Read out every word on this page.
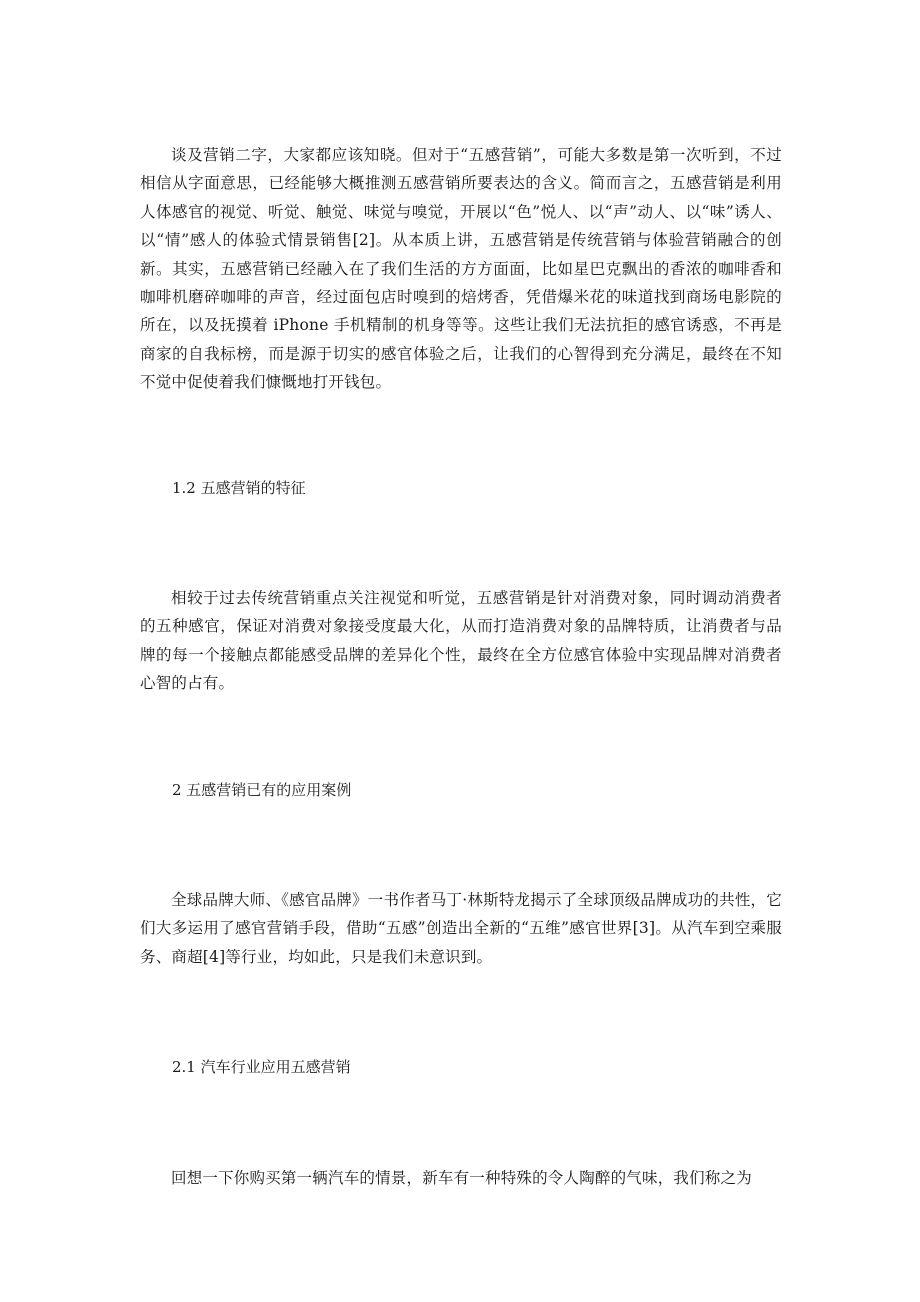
谈及营销二字，大家都应该知晓。但对于“五感营销”，可能大多数是第一次听到，不过相信从字面意思，已经能够大概推测五感营销所要表达的含义。简而言之，五感营销是利用人体感官的视觉、听觉、触觉、味觉与嗅觉，开展以“色”悦人、以“声”动人、以“味”诱人、以“情”感人的体验式情景销售[2]。从本质上讲，五感营销是传统营销与体验营销融合的创新。其实，五感营销已经融入在了我们生活的方方面面，比如星巴克飘出的香浓的咖啡香和咖啡机磨碎咖啡的声音，经过面包店时嗅到的焙烤香，凭借爆米花的味道找到商场电影院的所在，以及抚摸着 iPhone 手机精制的机身等等。这些让我们无法抗拒的感官诱惑，不再是商家的自我标榜，而是源于切实的感官体验之后，让我们的心智得到充分满足，最终在不知不觉中促使着我们慷慨地打开钱包。

1.2 五感营销的特征

相较于过去传统营销重点关注视觉和听觉，五感营销是针对消费对象，同时调动消费者的五种感官，保证对消费对象接受度最大化，从而打造消费对象的品牌特质，让消费者与品牌的每一个接触点都能感受品牌的差异化个性，最终在全方位感官体验中实现品牌对消费者心智的占有。

2 五感营销已有的应用案例

全球品牌大师、《感官品牌》一书作者马丁·林斯特龙揭示了全球顶级品牌成功的共性，它们大多运用了感官营销手段，借助“五感”创造出全新的“五维”感官世界[3]。从汽车到空乘服务、商超[4]等行业，均如此，只是我们未意识到。

2.1 汽车行业应用五感营销

回想一下你购买第一辆汽车的情景，新车有一种特殊的令人陶醉的气味，我们称之为
